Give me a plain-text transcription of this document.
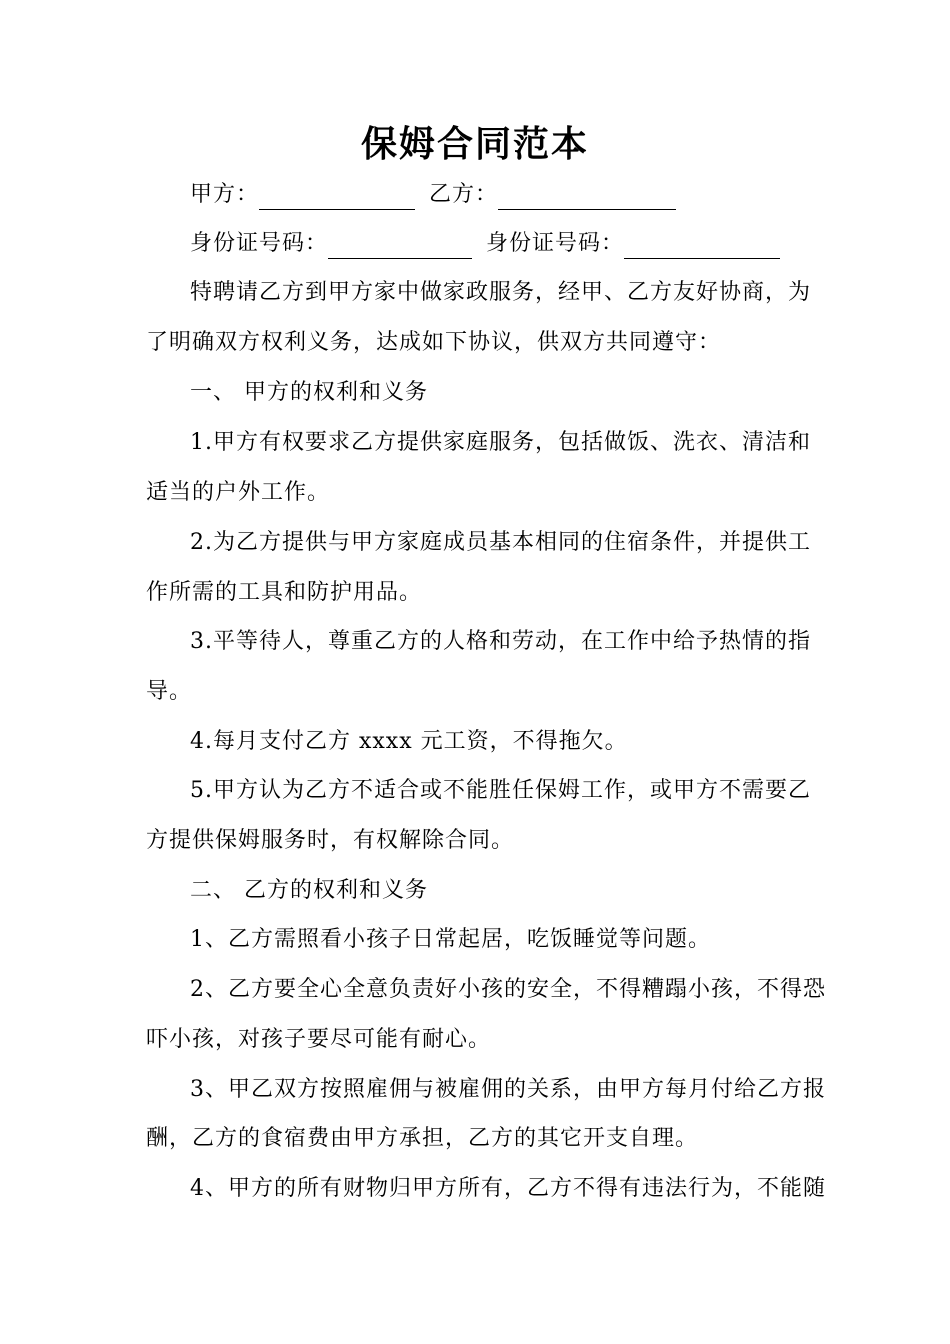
保姆合同范本
甲方：	乙方：
身份证号码：	身份证号码：
特聘请乙方到甲方家中做家政服务，经甲、乙方友好协商，为
了明确双方权利义务，达成如下协议，供双方共同遵守：
一、 甲方的权利和义务
1.甲方有权要求乙方提供家庭服务，包括做饭、洗衣、清洁和
适当的户外工作。
2.为乙方提供与甲方家庭成员基本相同的住宿条件，并提供工
作所需的工具和防护用品。
3.平等待人，尊重乙方的人格和劳动，在工作中给予热情的指
导。
4.每月支付乙方 xxxx 元工资，不得拖欠。
5.甲方认为乙方不适合或不能胜任保姆工作，或甲方不需要乙
方提供保姆服务时，有权解除合同。
二、 乙方的权利和义务
1、乙方需照看小孩子日常起居，吃饭睡觉等问题。
2、乙方要全心全意负责好小孩的安全，不得糟蹋小孩，不得恐
吓小孩，对孩子要尽可能有耐心。
3、甲乙双方按照雇佣与被雇佣的关系，由甲方每月付给乙方报
酬，乙方的食宿费由甲方承担，乙方的其它开支自理。
4、甲方的所有财物归甲方所有，乙方不得有违法行为，不能随
